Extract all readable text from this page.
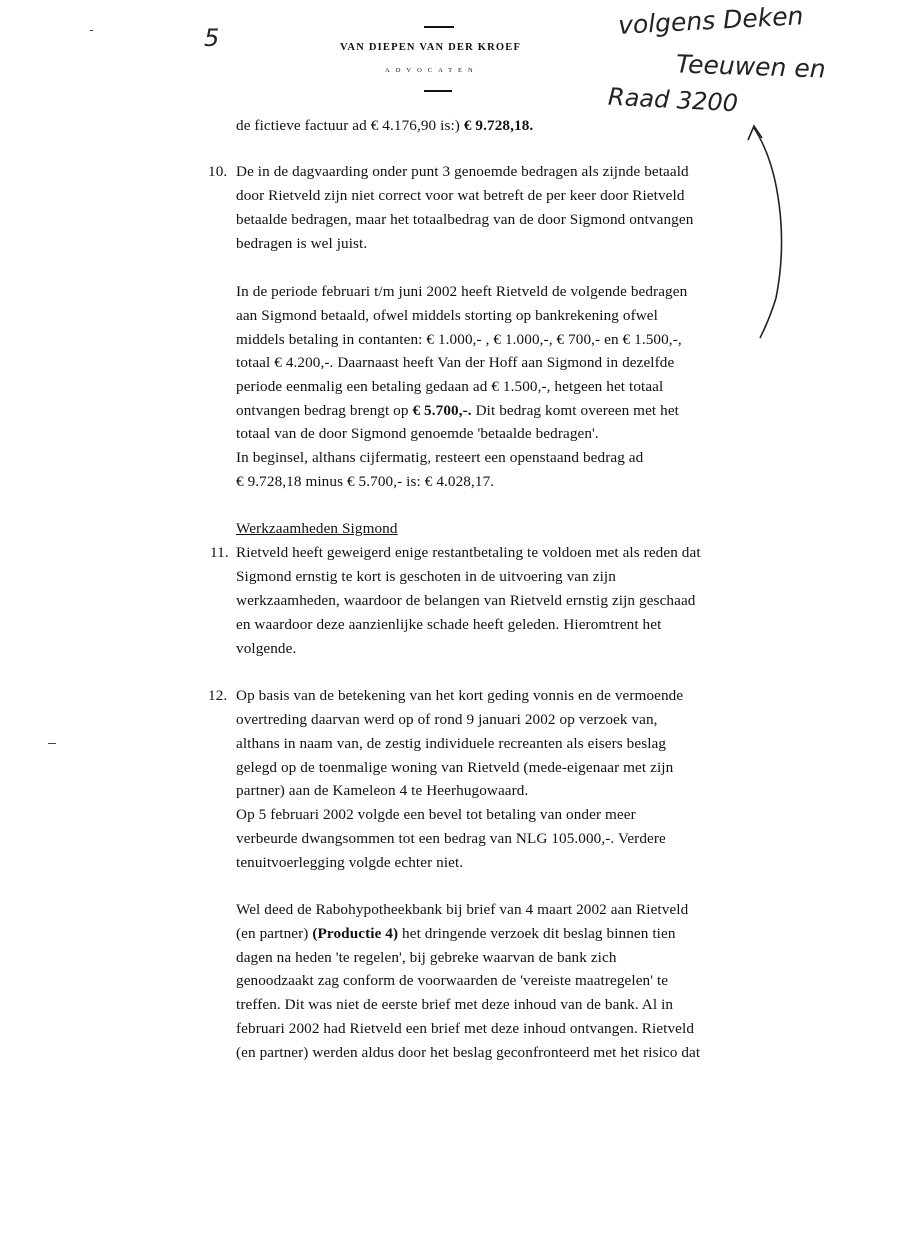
5	VAN DIEPEN VAN DER KROEF
ADVOCATEN
volgens Deken
Teeuwen en
Raad 3200
de fictieve factuur ad € 4.176,90 is:) € 9.728,18.
10. De in de dagvaarding onder punt 3 genoemde bedragen als zijnde betaald
door Rietveld zijn niet correct voor wat betreft de per keer door Rietveld
betaalde bedragen, maar het totaalbedrag van de door Sigmond ontvangen
bedragen is wel juist.
In de periode februari t/m juni 2002 heeft Rietveld de volgende bedragen
aan Sigmond betaald, ofwel middels storting op bankrekening ofwel
middels betaling in contanten: € 1.000,- , € 1.000,-, € 700,- en € 1.500,-,
totaal € 4.200,-. Daarnaast heeft Van der Hoff aan Sigmond in dezelfde
periode eenmalig een betaling gedaan ad € 1.500,-, hetgeen het totaal
ontvangen bedrag brengt op € 5.700,-. Dit bedrag komt overeen met het
totaal van de door Sigmond genoemde 'betaalde bedragen'.
In beginsel, althans cijfermatig, resteert een openstaand bedrag ad
€ 9.728,18 minus € 5.700,- is: € 4.028,17.
Werkzaamheden Sigmond
11. Rietveld heeft geweigerd enige restantbetaling te voldoen met als reden dat
Sigmond ernstig te kort is geschoten in de uitvoering van zijn
werkzaamheden, waardoor de belangen van Rietveld ernstig zijn geschaad
en waardoor deze aanzienlijke schade heeft geleden. Hieromtrent het
volgende.
12. Op basis van de betekening van het kort geding vonnis en de vermoende
overtreding daarvan werd op of rond 9 januari 2002 op verzoek van,
althans in naam van, de zestig individuele recreanten als eisers beslag
gelegd op de toenmalige woning van Rietveld (mede-eigenaar met zijn
partner) aan de Kameleon 4 te Heerhugowaard.
Op 5 februari 2002 volgde een bevel tot betaling van onder meer
verbeurde dwangsommen tot een bedrag van NLG 105.000,-. Verdere
tenuitvoerlegging volgde echter niet.
Wel deed de Rabohypotheekbank bij brief van 4 maart 2002 aan Rietveld
(en partner) (Productie 4) het dringende verzoek dit beslag binnen tien
dagen na heden 'te regelen', bij gebreke waarvan de bank zich
genoodzaakt zag conform de voorwaarden de 'vereiste maatregelen' te
treffen. Dit was niet de eerste brief met deze inhoud van de bank. Al in
februari 2002 had Rietveld een brief met deze inhoud ontvangen. Rietveld
(en partner) werden aldus door het beslag geconfronteerd met het risico dat
